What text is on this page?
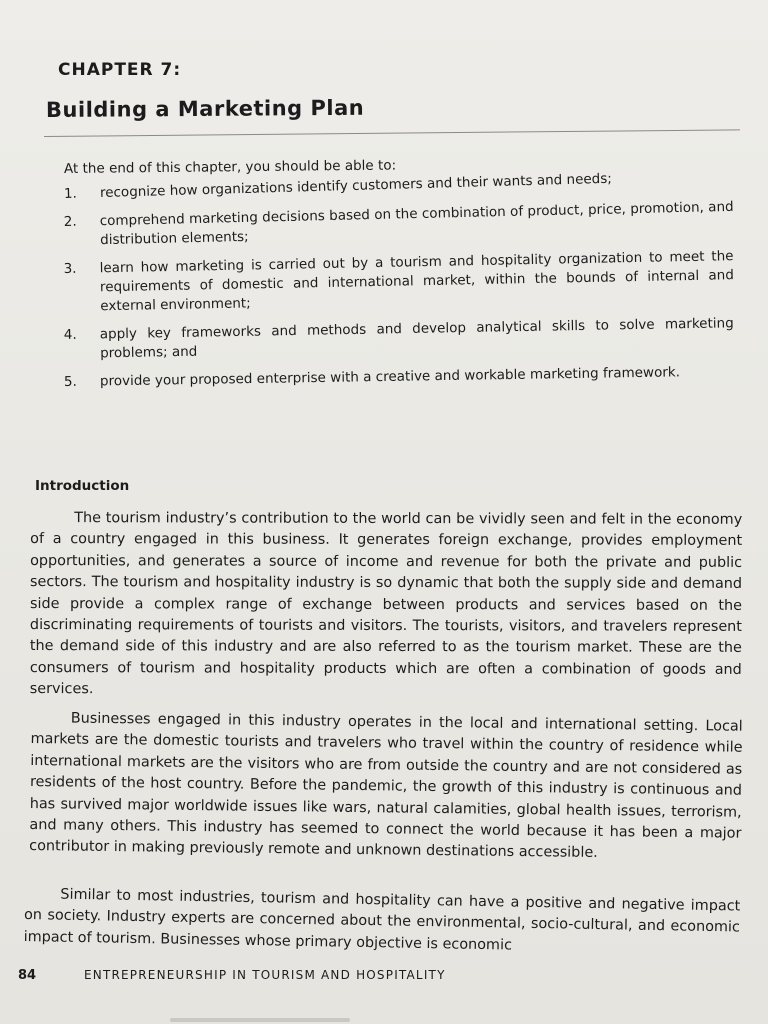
CHAPTER 7:
Building a Marketing Plan

At the end of this chapter, you should be able to:

1.	recognize how organizations identify customers and their wants and needs;
2.	comprehend marketing decisions based on the combination of product, price, promotion, and distribution elements;
3.	learn how marketing is carried out by a tourism and hospitality organization to meet the requirements of domestic and international market, within the bounds of internal and external environment;
4.	apply key frameworks and methods and develop analytical skills to solve marketing problems; and
5.	provide your proposed enterprise with a creative and workable marketing framework.
Introduction

The tourism industry’s contribution to the world can be vividly seen and felt in the economy of a country engaged in this business. It generates foreign exchange, provides employment opportunities, and generates a source of income and revenue for both the private and public sectors. The tourism and hospitality industry is so dynamic that both the supply side and demand side provide a complex range of exchange between products and services based on the discriminating requirements of tourists and visitors. The tourists, visitors, and travelers represent the demand side of this industry and are also referred to as the tourism market. These are the consumers of tourism and hospitality products which are often a combination of goods and services.

Businesses engaged in this industry operates in the local and international setting. Local markets are the domestic tourists and travelers who travel within the country of residence while international markets are the visitors who are from outside the country and are not considered as residents of the host country. Before the pandemic, the growth of this industry is continuous and has survived major worldwide issues like wars, natural calamities, global health issues, terrorism, and many others. This industry has seemed to connect the world because it has been a major contributor in making previously remote and unknown destinations accessible.

Similar to most industries, tourism and hospitality can have a positive and negative impact on society. Industry experts are concerned about the environmental, socio-cultural, and economic impact of tourism. Businesses whose primary objective is economic

84	ENTREPRENEURSHIP IN TOURISM AND HOSPITALITY
